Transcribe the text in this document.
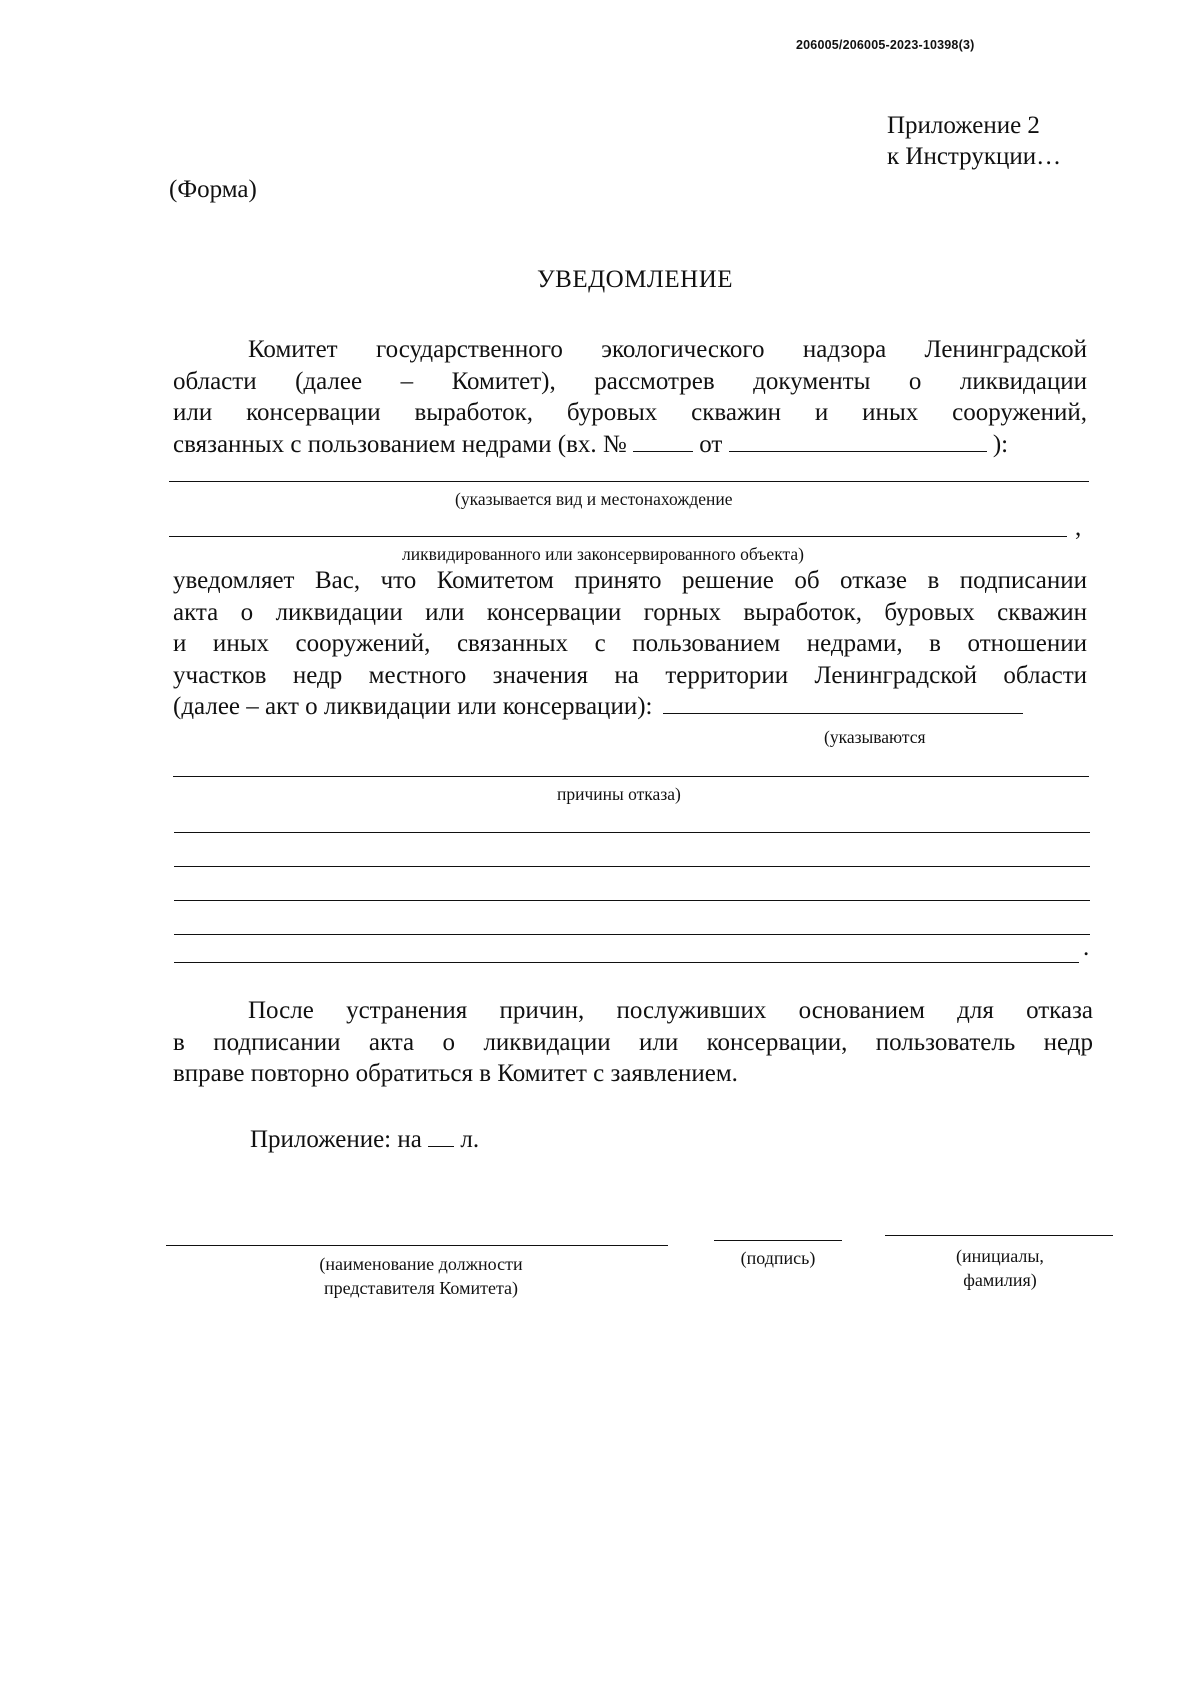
206005/206005-2023-10398(3)
Приложение 2
к Инструкции…
(Форма)
УВЕДОМЛЕНИЕ
Комитет государственного экологического надзора Ленинградской
области (далее – Комитет), рассмотрев документы о ликвидации
или консервации выработок, буровых скважин и иных сооружений,
связанных с пользованием недрами (вх. №	от	):
(указывается вид и местонахождение
,
ликвидированного или законсервированного объекта)
уведомляет Вас, что Комитетом принято решение об отказе в подписании
акта о ликвидации или консервации горных выработок, буровых скважин
и иных сооружений, связанных с пользованием недрами, в отношении
участков недр местного значения на территории Ленинградской области
(далее – акт о ликвидации или консервации):
(указываются
причины отказа)
.
После устранения причин, послуживших основанием для отказа
в подписании акта о ликвидации или консервации, пользователь недр
вправе повторно обратиться в Комитет с заявлением.
Приложение: на л.
(наименование должности
представителя Комитета)
(подпись)	(инициалы,
фамилия)
